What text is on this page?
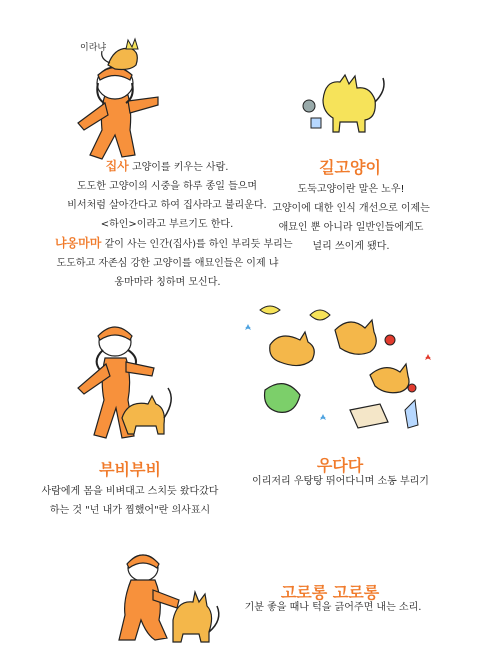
이라냐
집사 고양이를 키우는 사람.
도도한 고양이의 시중을 하루 종일 들으며
비서처럼 살아간다고 하여 집사라고 불리운다.
<하인>이라고 부르기도 한다.
냐옹마마 같이 사는 인간(집사)를 하인 부리듯 부리는
도도하고 자존심 강한 고양이를 애묘인들은 이제 냐
옹마마라 칭하며 모신다.
길고양이
도둑고양이란 말은 노우!
고양이에 대한 인식 개선으로 이제는
애묘인 뿐 아니라 일반인들에게도
널리 쓰이게 됐다.
부비부비
사람에게 몸을 비벼대고 스치듯 왔다갔다
하는 것 "넌 내가 찜했어"란 의사표시
우다다
이리저리 우탕탕 뛰어다니며 소동 부리기
고로롱 고로롱
기분 좋을 때나 턱을 긁어주면 내는 소리.
